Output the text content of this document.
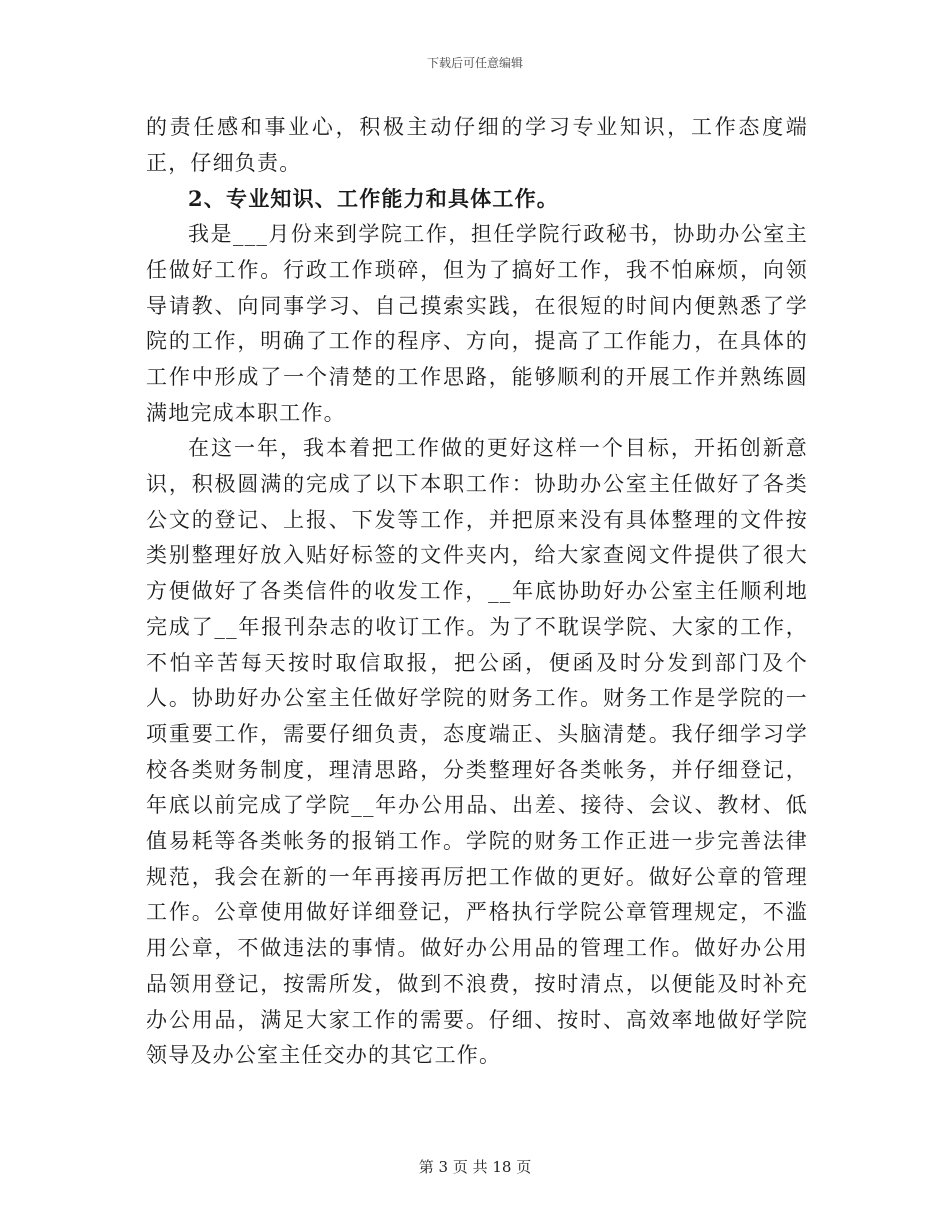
下载后可任意编辑

的责任感和事业心，积极主动仔细的学习专业知识，工作态度端正，仔细负责。

2、专业知识、工作能力和具体工作。

我是___月份来到学院工作，担任学院行政秘书，协助办公室主任做好工作。行政工作琐碎，但为了搞好工作，我不怕麻烦，向领导请教、向同事学习、自己摸索实践，在很短的时间内便熟悉了学院的工作，明确了工作的程序、方向，提高了工作能力，在具体的工作中形成了一个清楚的工作思路，能够顺利的开展工作并熟练圆满地完成本职工作。

在这一年，我本着把工作做的更好这样一个目标，开拓创新意识，积极圆满的完成了以下本职工作：协助办公室主任做好了各类公文的登记、上报、下发等工作，并把原来没有具体整理的文件按类别整理好放入贴好标签的文件夹内，给大家查阅文件提供了很大方便做好了各类信件的收发工作，__年底协助好办公室主任顺利地完成了__年报刊杂志的收订工作。为了不耽误学院、大家的工作，不怕辛苦每天按时取信取报，把公函，便函及时分发到部门及个人。协助好办公室主任做好学院的财务工作。财务工作是学院的一项重要工作，需要仔细负责，态度端正、头脑清楚。我仔细学习学校各类财务制度，理清思路，分类整理好各类帐务，并仔细登记，年底以前完成了学院__年办公用品、出差、接待、会议、教材、低值易耗等各类帐务的报销工作。学院的财务工作正进一步完善法律规范，我会在新的一年再接再厉把工作做的更好。做好公章的管理工作。公章使用做好详细登记，严格执行学院公章管理规定，不滥用公章，不做违法的事情。做好办公用品的管理工作。做好办公用品领用登记，按需所发，做到不浪费，按时清点，以便能及时补充办公用品，满足大家工作的需要。仔细、按时、高效率地做好学院领导及办公室主任交办的其它工作。

第 3 页 共 18 页
